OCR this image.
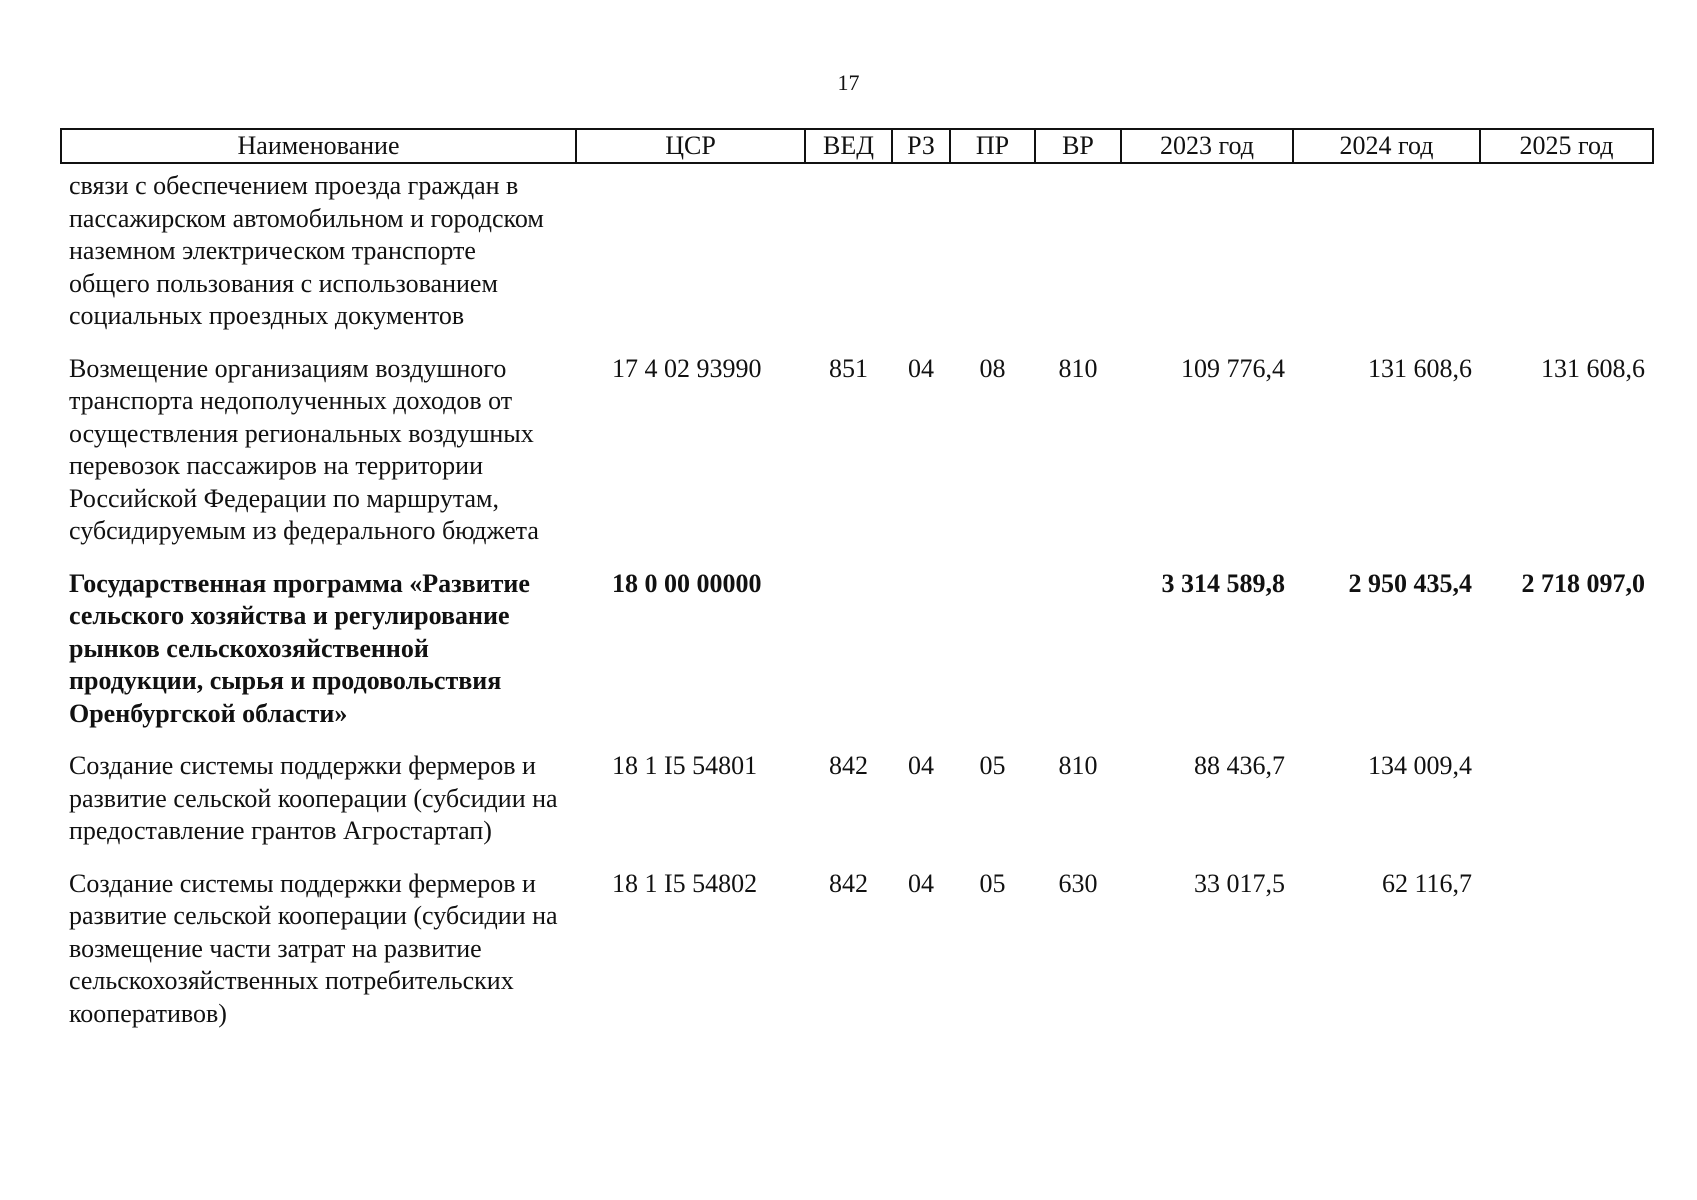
17
Наименование	ЦСР	ВЕД	РЗ	ПР	ВР	2023 год	2024 год	2025 год
связи с обеспечением проезда граждан в пассажирском автомобильном и городском наземном электрическом транспорте общего пользования с использованием социальных проездных документов								
Возмещение организациям воздушного транспорта недополученных доходов от осуществления региональных воздушных перевозок пассажиров на территории Российской Федерации по маршрутам, субсидируемым из федерального бюджета	17 4 02 93990	851	04	08	810	109 776,4	131 608,6	131 608,6
Государственная программа «Развитие сельского хозяйства и регулирование рынков сельскохозяйственной продукции, сырья и продовольствия Оренбургской области»	18 0 00 00000					3 314 589,8	2 950 435,4	2 718 097,0
Создание системы поддержки фермеров и развитие сельской кооперации (субсидии на предоставление грантов Агростартап)	18 1 I5 54801	842	04	05	810	88 436,7	134 009,4	
Создание системы поддержки фермеров и развитие сельской кооперации (субсидии на возмещение части затрат на развитие сельскохозяйственных потребительских кооперативов)	18 1 I5 54802	842	04	05	630	33 017,5	62 116,7	
